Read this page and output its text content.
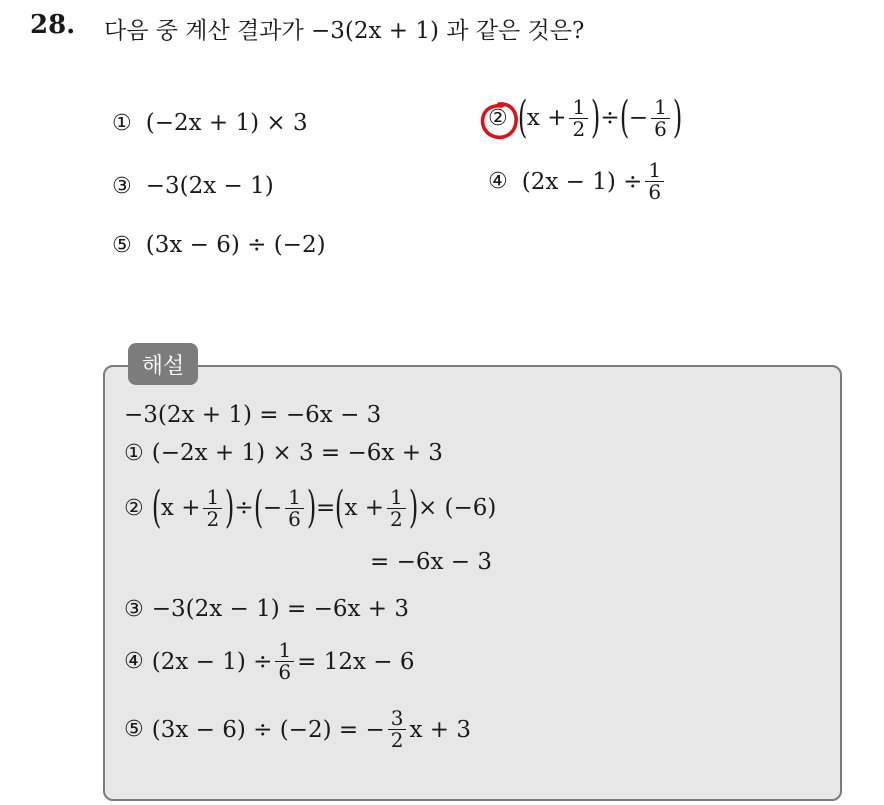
28. 다음 중 계산 결과가 −3(2x + 1) 과 같은 것은?
① (−2x + 1) × 3	② ( $x + \frac{1}{2}$ ) ÷ ( − $\frac{1}{6}$ )
③ −3(2x − 1)	④ $(2x - 1) \div \frac{1}{6}$
⑤ (3x − 6) ÷ (−2)
해설
−3(2x + 1) = −6x − 3
① (−2x + 1) × 3 = −6x + 3
② ( $x + \frac{1}{2}$ ) ÷ ( − $\frac{1}{6}$ ) = ( $x + \frac{1}{2}$ ) × (−6)
= −6x − 3
③ −3(2x − 1) = −6x + 3
④ $(2x - 1) \div \frac{1}{6} = 12x - 6$
⑤ (3x − 6) ÷ (−2) = − $\frac{3}{2}$ x + 3
